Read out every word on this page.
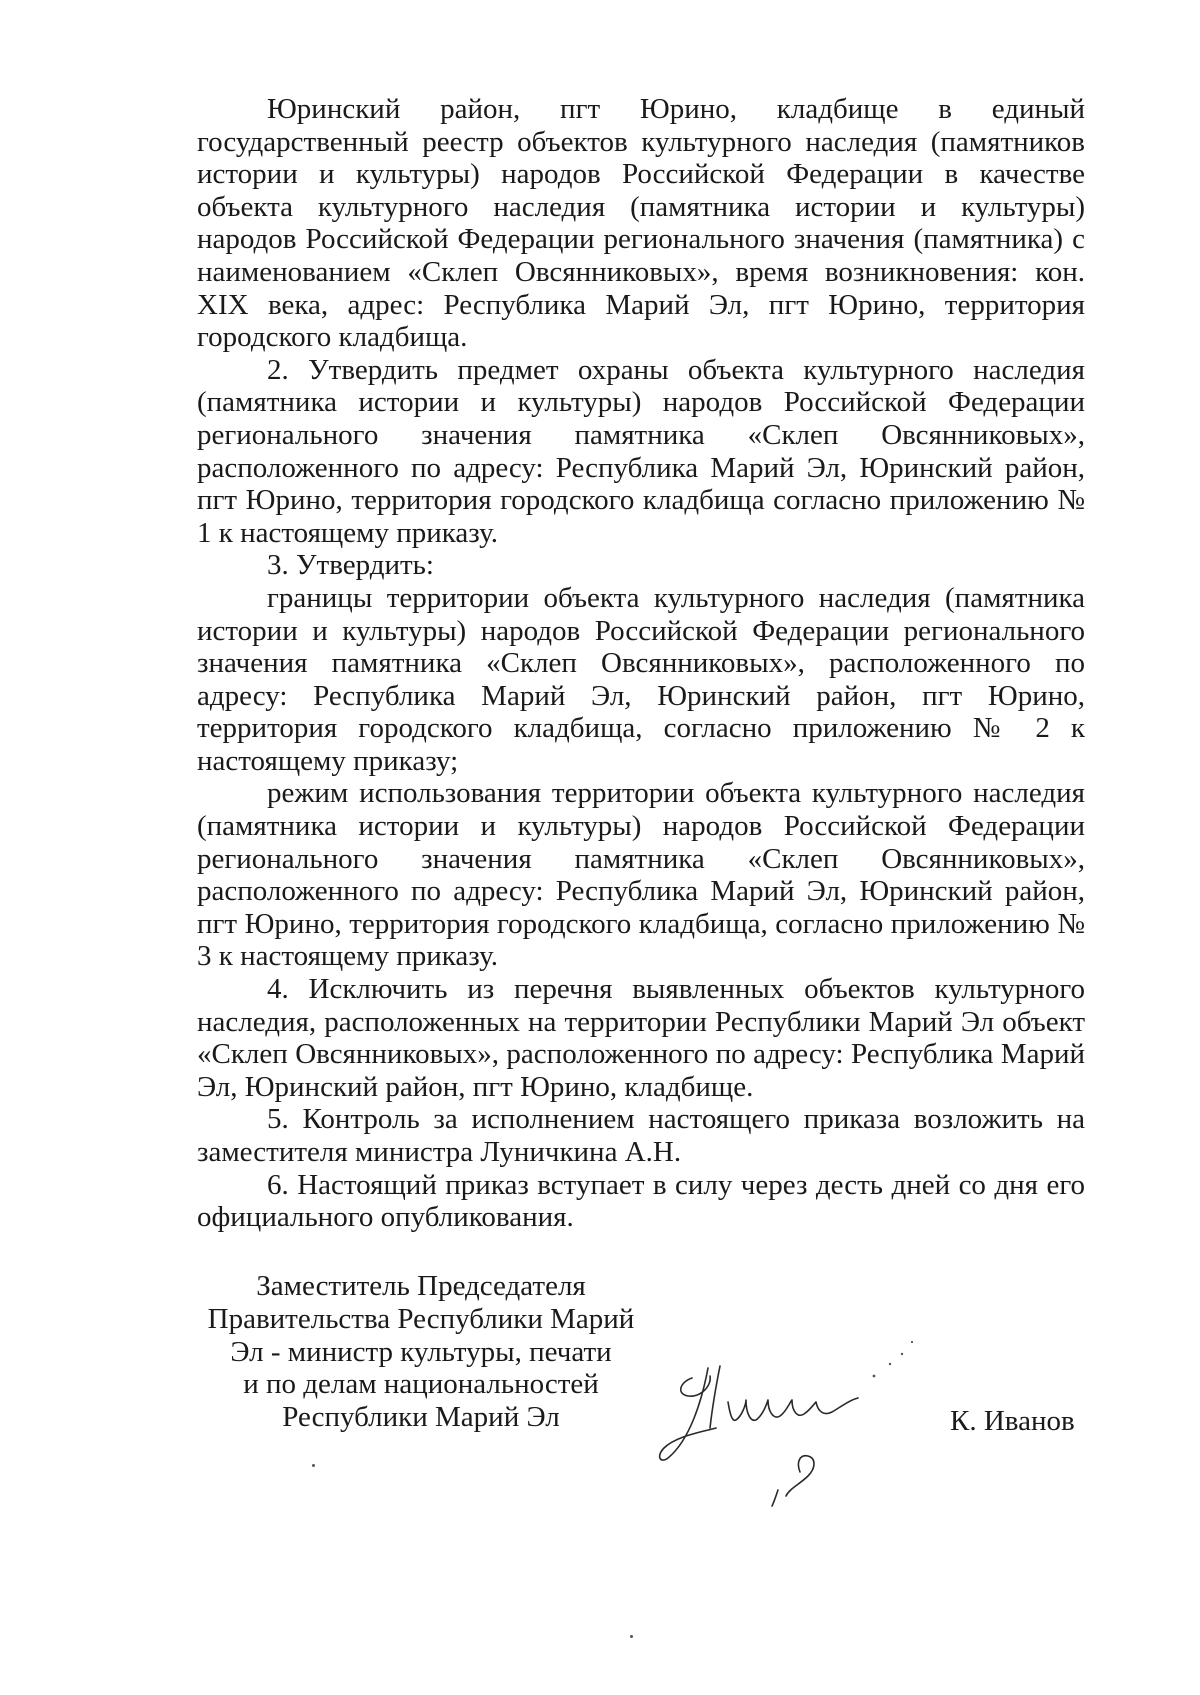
Юринский район, пгт Юрино, кладбище в единый государственный реестр объектов культурного наследия (памятников истории и культуры) народов Российской Федерации в качестве объекта культурного наследия (памятника истории и культуры) народов Российской Федерации регионального значения (памятника) с наименованием «Склеп Овсянниковых», время возникновения: кон. XIX века, адрес: Республика Марий Эл, пгт Юрино, территория городского кладбища.

2. Утвердить предмет охраны объекта культурного наследия (памятника истории и культуры) народов Российской Федерации регионального значения памятника «Склеп Овсянниковых», расположенного по адресу: Республика Марий Эл, Юринский район, пгт Юрино, территория городского кладбища согласно приложению № 1 к настоящему приказу.

3. Утвердить:

границы территории объекта культурного наследия (памятника истории и культуры) народов Российской Федерации регионального значения памятника «Склеп Овсянниковых», расположенного по адресу: Республика Марий Эл, Юринский район, пгт Юрино, территория городского кладбища, согласно приложению № 2 к настоящему приказу;

режим использования территории объекта культурного наследия (памятника истории и культуры) народов Российской Федерации регионального значения памятника «Склеп Овсянниковых», расположенного по адресу: Республика Марий Эл, Юринский район, пгт Юрино, территория городского кладбища, согласно приложению № 3 к настоящему приказу.

4. Исключить из перечня выявленных объектов культурного наследия, расположенных на территории Республики Марий Эл объект «Склеп Овсянниковых», расположенного по адресу: Республика Марий Эл, Юринский район, пгт Юрино, кладбище.

5. Контроль за исполнением настоящего приказа возложить на заместителя министра Луничкина А.Н.

6. Настоящий приказ вступает в силу через десть дней со дня его официального опубликования.

Заместитель Председателя
Правительства Республики Марий
Эл - министр культуры, печати
и по делам национальностей
Республики Марий Эл	К. Иванов
